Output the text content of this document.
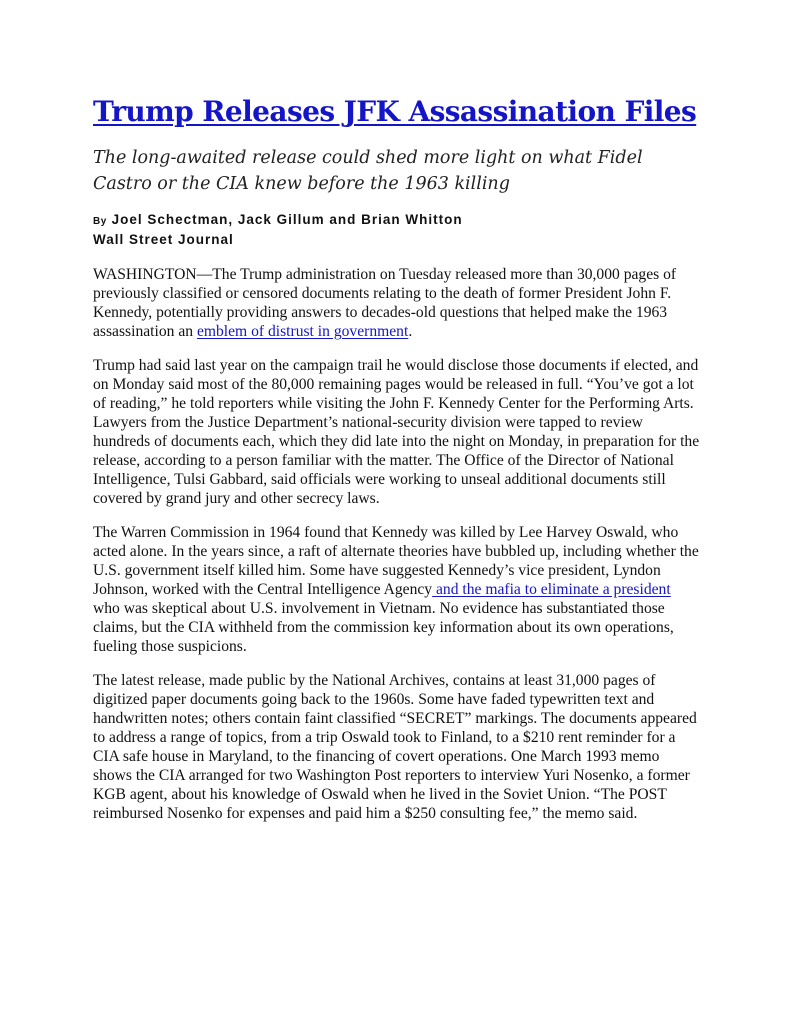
Trump Releases JFK Assassination Files

The long-awaited release could shed more light on what Fidel Castro or the CIA knew before the 1963 killing

By Joel Schectman, Jack Gillum and Brian Whitton
Wall Street Journal

WASHINGTON—The Trump administration on Tuesday released more than 30,000 pages of previously classified or censored documents relating to the death of former President John F. Kennedy, potentially providing answers to decades-old questions that helped make the 1963 assassination an emblem of distrust in government.

Trump had said last year on the campaign trail he would disclose those documents if elected, and on Monday said most of the 80,000 remaining pages would be released in full. “You’ve got a lot of reading,” he told reporters while visiting the John F. Kennedy Center for the Performing Arts. Lawyers from the Justice Department’s national-security division were tapped to review hundreds of documents each, which they did late into the night on Monday, in preparation for the release, according to a person familiar with the matter. The Office of the Director of National Intelligence, Tulsi Gabbard, said officials were working to unseal additional documents still covered by grand jury and other secrecy laws.

The Warren Commission in 1964 found that Kennedy was killed by Lee Harvey Oswald, who acted alone. In the years since, a raft of alternate theories have bubbled up, including whether the U.S. government itself killed him. Some have suggested Kennedy’s vice president, Lyndon Johnson, worked with the Central Intelligence Agency and the mafia to eliminate a president who was skeptical about U.S. involvement in Vietnam. No evidence has substantiated those claims, but the CIA withheld from the commission key information about its own operations, fueling those suspicions.

The latest release, made public by the National Archives, contains at least 31,000 pages of digitized paper documents going back to the 1960s. Some have faded typewritten text and handwritten notes; others contain faint classified “SECRET” markings. The documents appeared to address a range of topics, from a trip Oswald took to Finland, to a $210 rent reminder for a CIA safe house in Maryland, to the financing of covert operations. One March 1993 memo shows the CIA arranged for two Washington Post reporters to interview Yuri Nosenko, a former KGB agent, about his knowledge of Oswald when he lived in the Soviet Union. “The POST reimbursed Nosenko for expenses and paid him a $250 consulting fee,” the memo said.
